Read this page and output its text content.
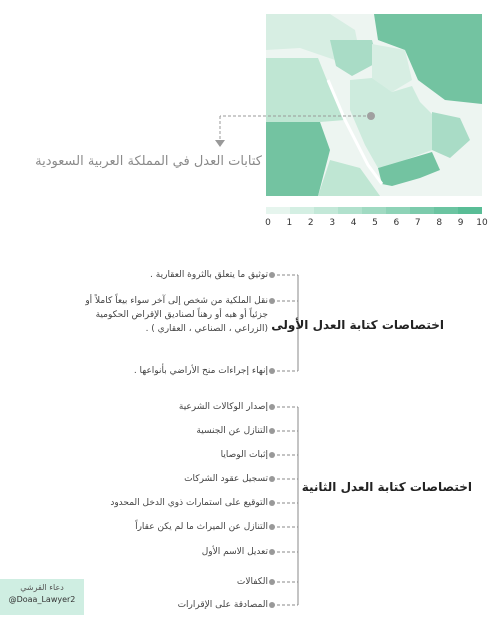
كتابات العدل في المملكة العربية السعودية
0 1 2 3 4 5 6 7 8 9 10
اختصاصات كتابة العدل الأولى
اختصاصات كتابة العدل الثانية
توثيق ما يتعلق بالثروة العقارية .
نقل الملكية من شخص إلى آخر سواء بيعاً كاملاً أو جزئياً أو هبه أو رهناً لصناديق الإقراض الحكومية (الزراعي ، الصناعي ، العقاري ) .
إنهاء إجراءات منح الأراضي بأنواعها .
إصدار الوكالات الشرعية
التنازل عن الجنسية
إثبات الوصايا
تسجيل عقود الشركات
التوقيع على استمارات ذوي الدخل المحدود
التنازل عن الميراث ما لم يكن عقاراً
تعديل الاسم الأول
الكفالات
المصادقة على الإقرارات
دعاء القرشي
@Doaa_Lawyer2
